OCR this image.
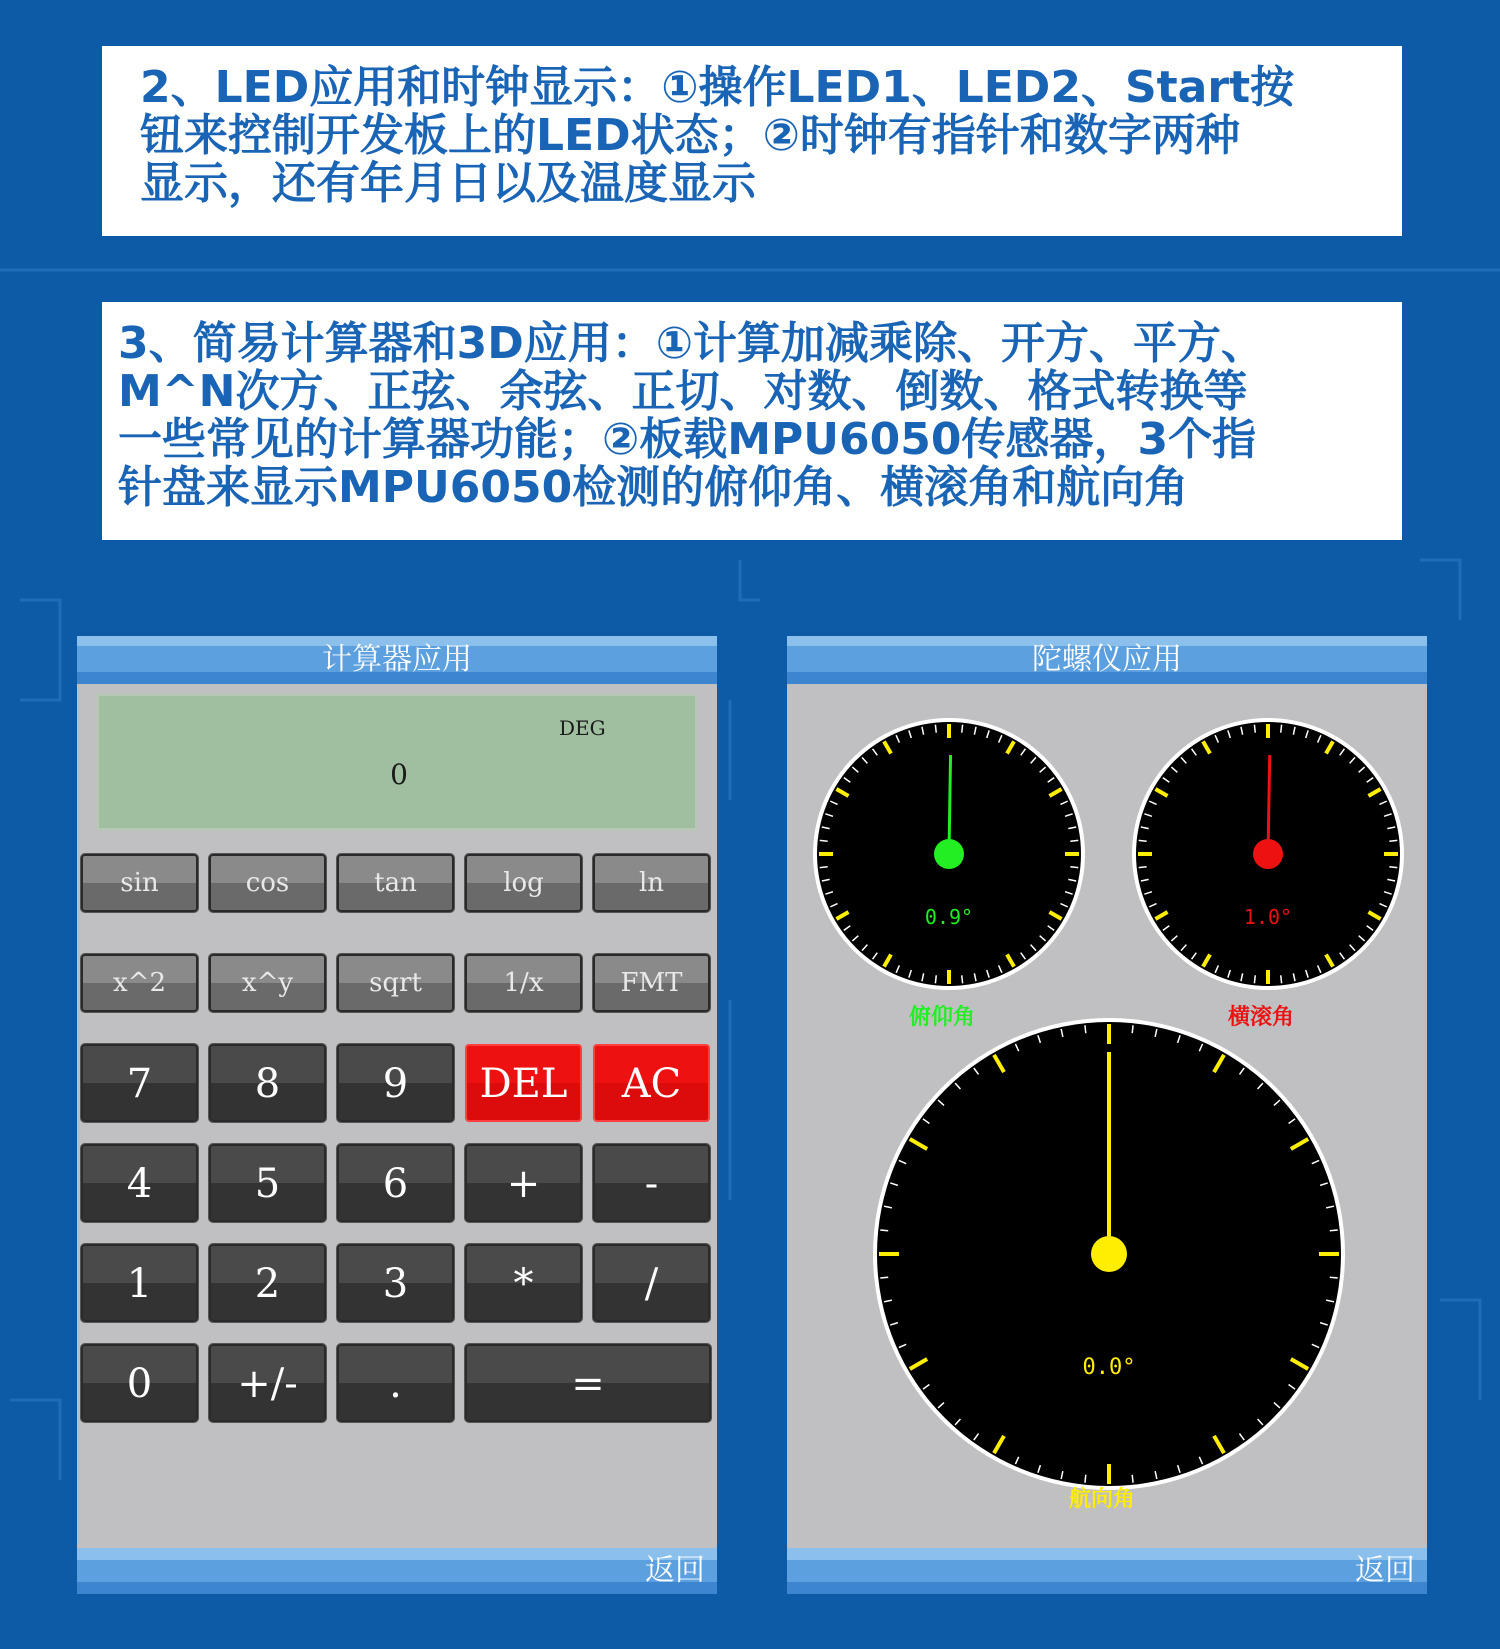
2、LED应用和时钟显示：①操作LED1、LED2、Start按
钮来控制开发板上的LED状态；②时钟有指针和数字两种
显示，还有年月日以及温度显示
3、简易计算器和3D应用：①计算加减乘除、开方、平方、
M^N次方、正弦、余弦、正切、对数、倒数、格式转换等
一些常见的计算器功能；②板载MPU6050传感器，3个指
针盘来显示MPU6050检测的俯仰角、横滚角和航向角
计算器应用
DEG
0
sin	cos	tan	log	ln
x^2	x^y	sqrt	1/x	FMT
7	8	9	DEL	AC
4	5	6	+	-
1	2	3	*	/
0	+/-	.	=
返回
陀螺仪应用
0.9°	1.0°
0.0°
俯仰角	横滚角
航向角
返回
